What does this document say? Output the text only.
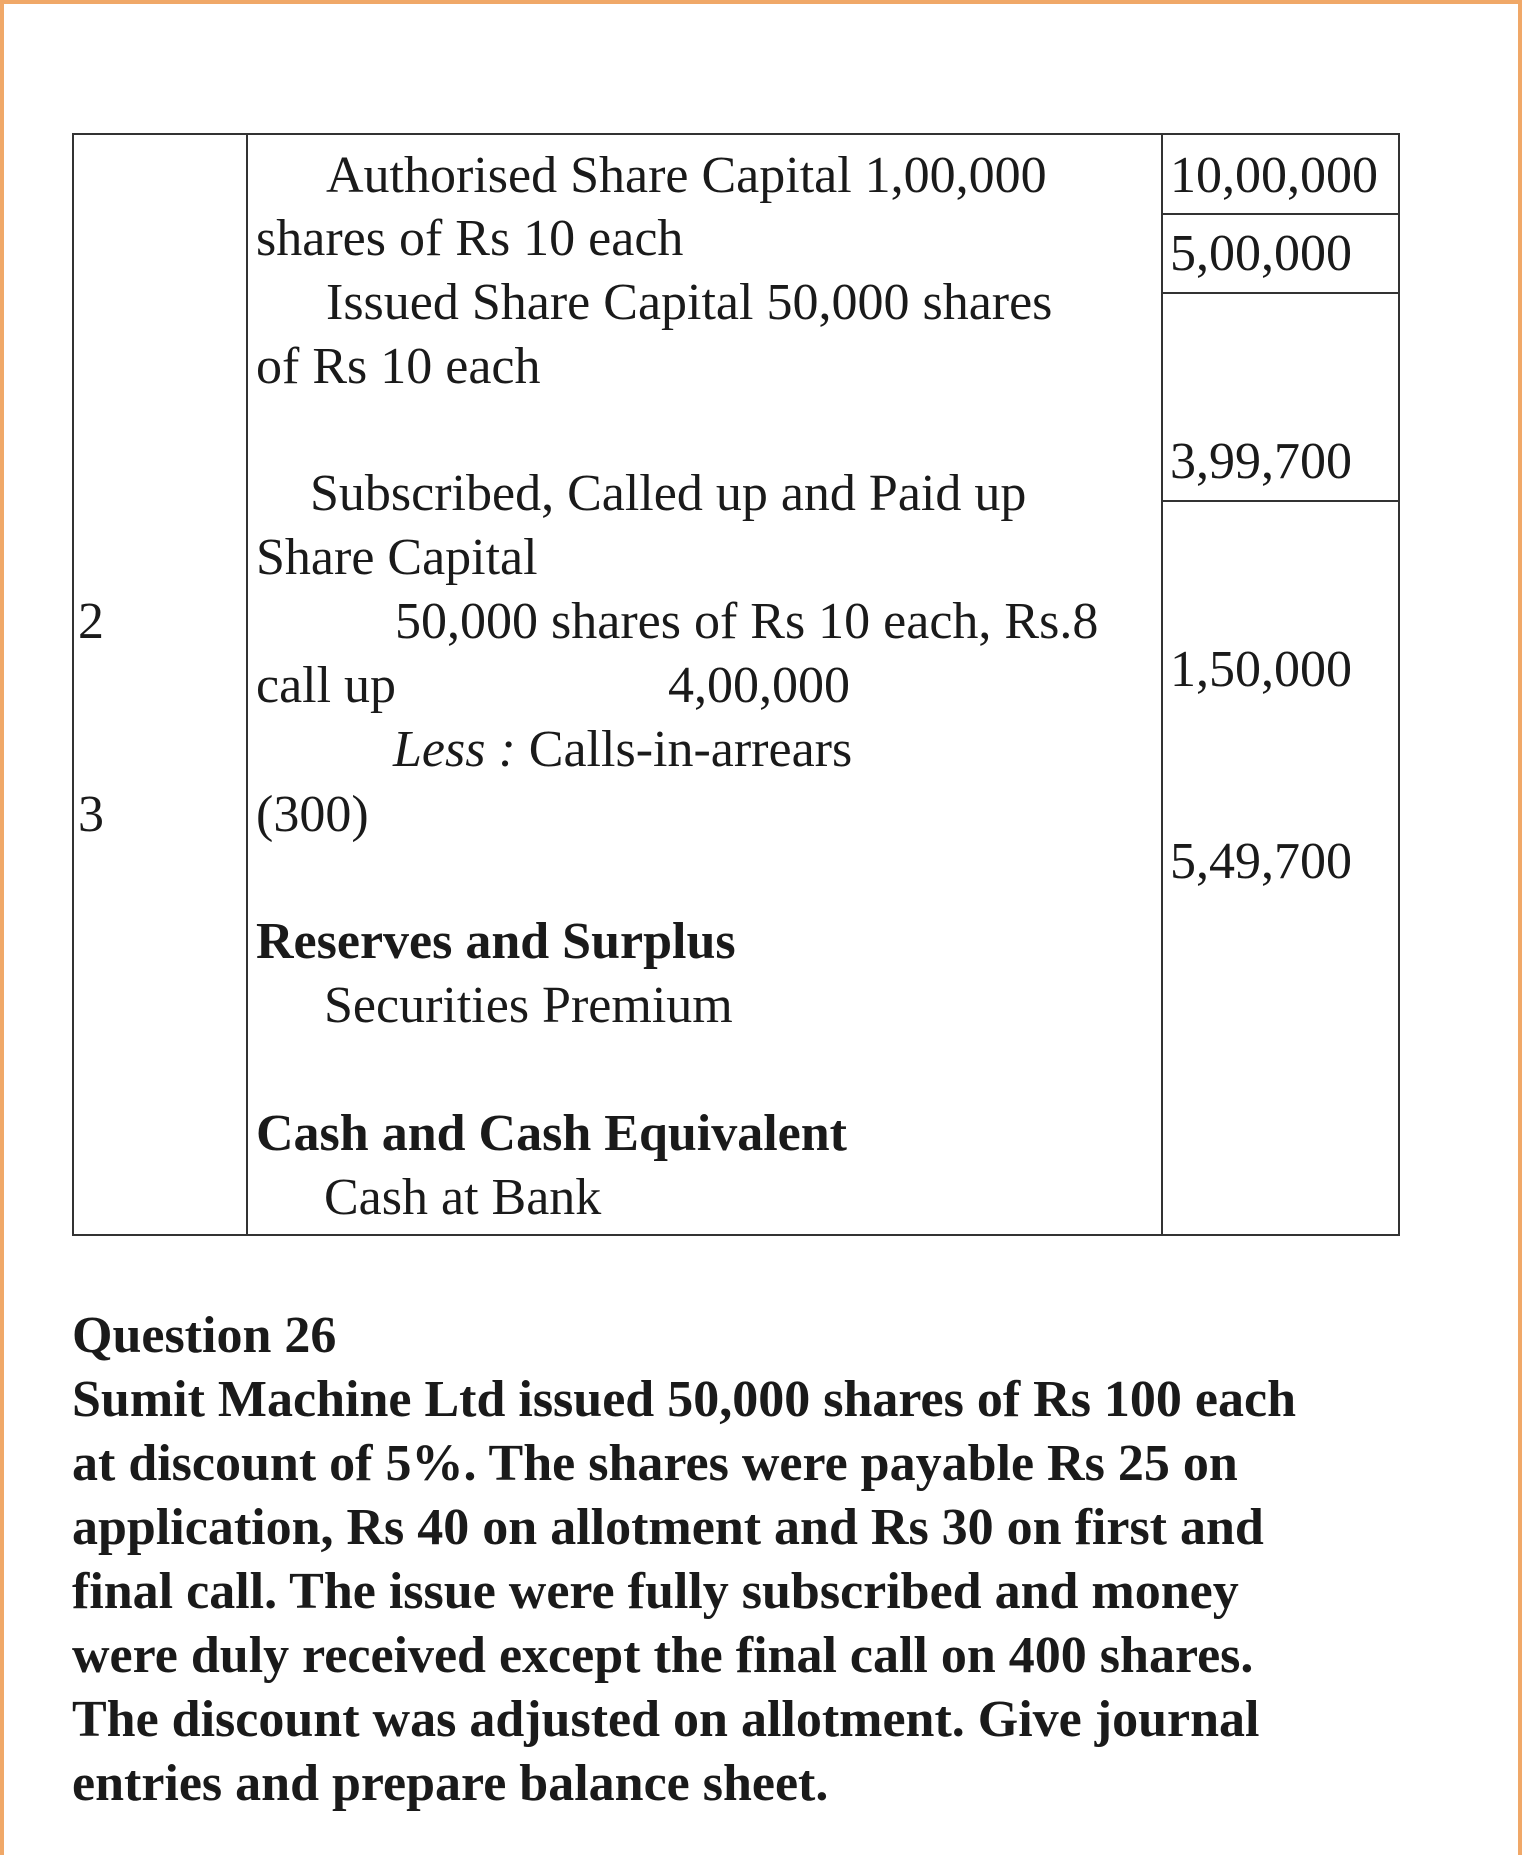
2
3
Authorised Share Capital 1,00,000
shares of Rs 10 each
Issued Share Capital 50,000 shares
of Rs 10 each
Subscribed, Called up and Paid up
Share Capital
50,000 shares of Rs 10 each, Rs.8
call up	4,00,000
Less : Calls-in-arrears
(300)
Reserves and Surplus
Securities Premium
Cash and Cash Equivalent
Cash at Bank
10,00,000
5,00,000
3,99,700
1,50,000
5,49,700
Question 26
Sumit Machine Ltd issued 50,000 shares of Rs 100 each
at discount of 5%. The shares were payable Rs 25 on
application, Rs 40 on allotment and Rs 30 on first and
final call. The issue were fully subscribed and money
were duly received except the final call on 400 shares.
The discount was adjusted on allotment. Give journal
entries and prepare balance sheet.
